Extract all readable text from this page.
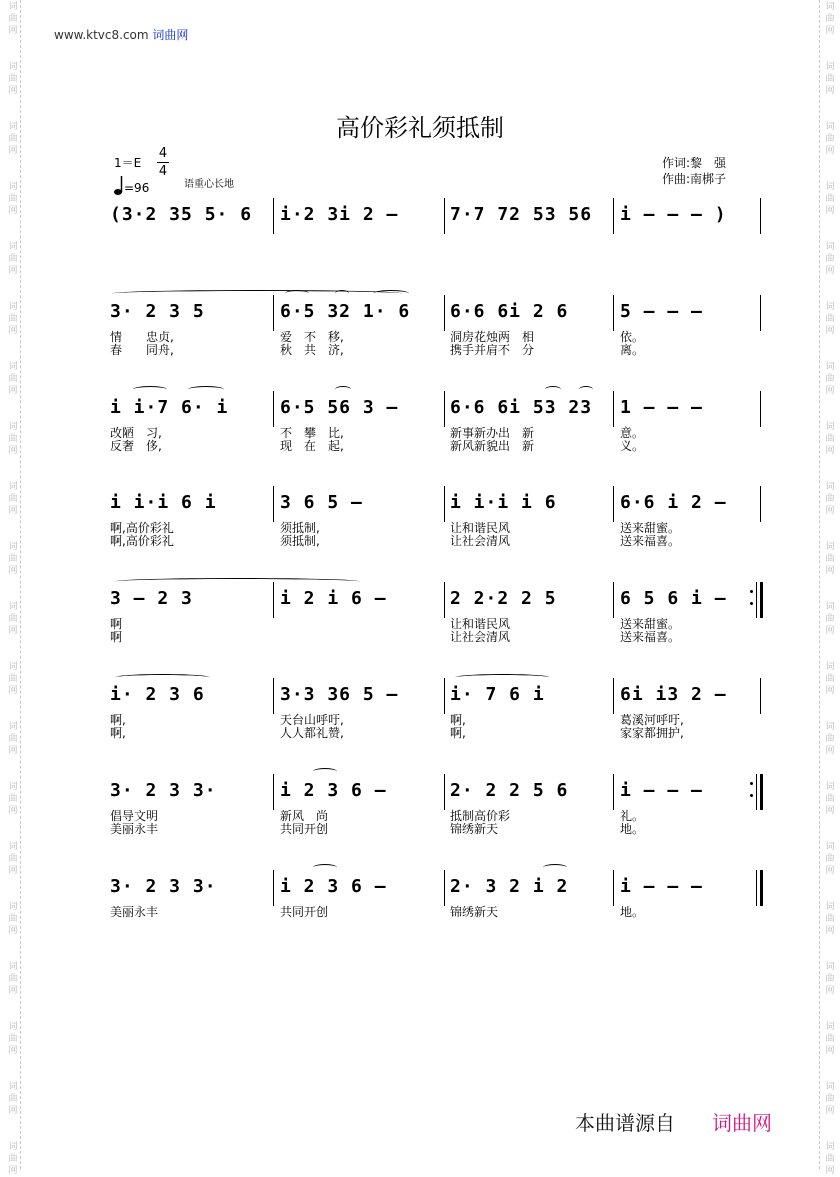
www.ktvc8.com 词曲网
高价彩礼须抵制
1＝E
4
4
=96	语重心长地
作词:黎　强
作曲:南梆子
(3·2 35 5· 6 i·2 3i 2 –	7·7 72 53 56 i – – – )
3· 2 3 5
情　　忠贞,
春　　同舟,
6·5 32 1· 6
爱　不　移,
秋　共　济,
6·6 6i 2 6
洞房花烛两　相
携手并肩不　分
5 – – –
依。
离。
i i·7 6· i
改陋　习,
反奢　侈,
6·5 56 3 –
不　攀　比,
现　在　起,
6·6 6i 53 23
新事新办出　新
新风新貌出　新
1 – – –
意。
义。
i i·i 6 i
啊,高价彩礼
啊,高价彩礼
3 6 5 –
须抵制,
须抵制,
i i·i i 6
让和谐民风
让社会清风
6·6 i 2 –
送来甜蜜。
送来福喜。
3 – 2 3
啊
啊
i 2 i 6 –	2 2·2 2 5
让和谐民风
让社会清风
6 5 6 i –
送来甜蜜。
送来福喜。
i· 2 3 6
啊,
啊,
3·3 36 5 –
天台山呼吁,
人人都礼赞,
i· 7 6 i
啊,
啊,
6i i3 2 –
葛溪河呼吁,
家家都拥护,
3· 2 3 3·
倡导文明
美丽永丰
i 2 3 6 –
新风　尚
共同开创
2· 2 2 5 6
抵制高价彩
锦绣新天
i – – –
礼。
地。
3· 2 3 3·
美丽永丰
i 2 3 6 –
共同开创
2· 3 2 i 2
锦绣新天
i – – –
地。
本曲谱源自 词曲网
词
曲
网
词
曲
网
词
曲
网
词
曲
网
词
曲
网
词
曲
网
词
曲
网
词
曲
网
词
曲
网
词
曲
网
词
曲
网
词
曲
网
词
曲
网
词
曲
网
词
曲
网
词
曲
网
词
曲
网
词
曲
网
词
曲
网
词
曲
网
词
曲
网
词
曲
网
词
曲
网
词
曲
网
词
曲
网
词
曲
网
词
曲
网
词
曲
网
词
曲
网
词
曲
网
词
曲
网
词
曲
网
词
曲
网
词
曲
网
词
曲
网
词
曲
网
词
曲
网
词
曲
网
词
曲
网
词
曲
网
